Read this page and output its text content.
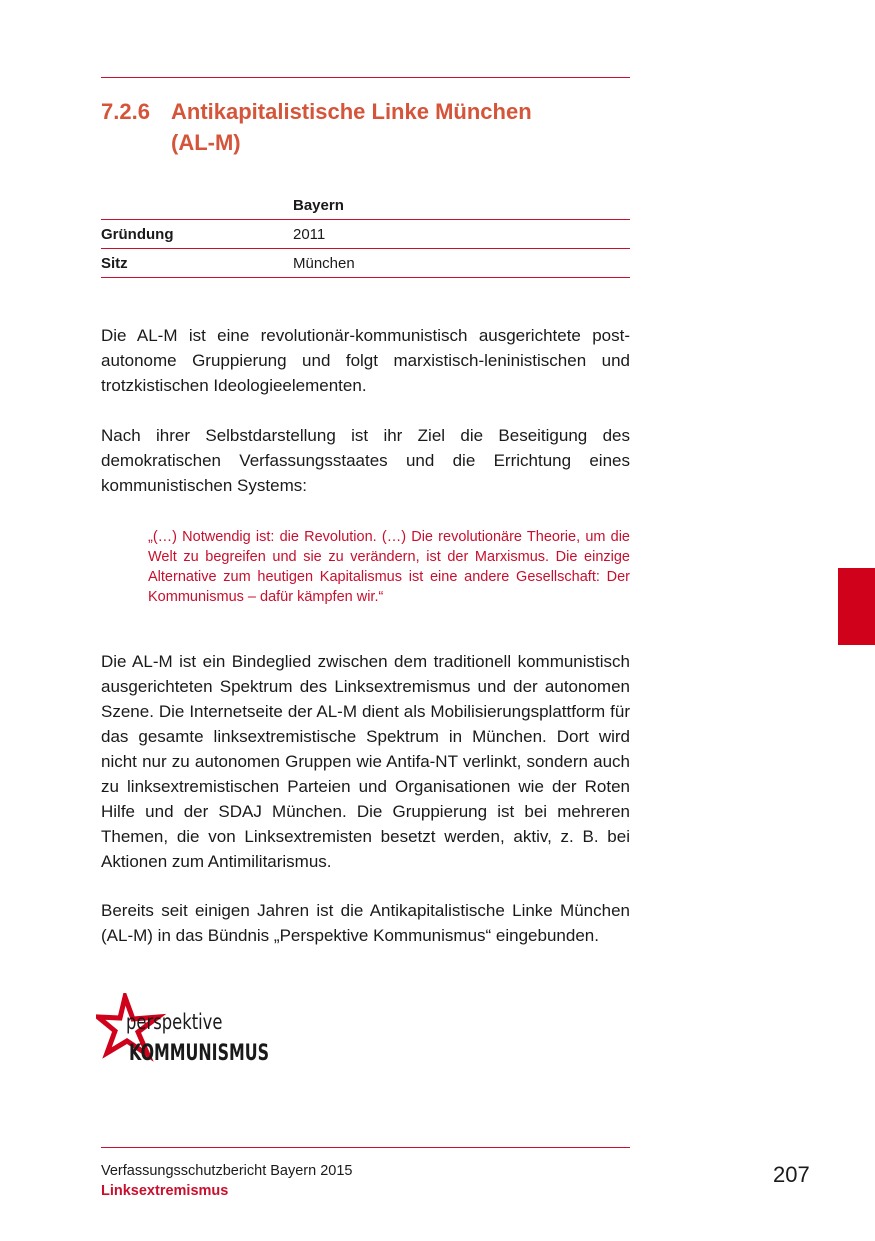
7.2.6 Antikapitalistische Linke München
(AL-M)
Bayern
Gründung	2011
Sitz	München

Die AL-M ist eine revolutionär-kommunistisch ausgerichtete post-autonome Gruppierung und folgt marxistisch-leninistischen und trotzkistischen Ideologieelementen.

Nach ihrer Selbstdarstellung ist ihr Ziel die Beseitigung des demokratischen Verfassungsstaates und die Errichtung eines kommunistischen Systems:

„(…) Notwendig ist: die Revolution. (…) Die revolutionäre Theorie, um die Welt zu begreifen und sie zu verändern, ist der Marxismus. Die einzige Alternative zum heutigen Kapitalismus ist eine andere Gesellschaft: Der Kommunismus – dafür kämpfen wir.“

Die AL-M ist ein Bindeglied zwischen dem traditionell kommunistisch ausgerichteten Spektrum des Linksextremismus und der autonomen Szene. Die Internetseite der AL-M dient als Mobilisierungsplattform für das gesamte linksextremistische Spektrum in München. Dort wird nicht nur zu autonomen Gruppen wie Antifa-NT verlinkt, sondern auch zu linksextremistischen Parteien und Organisationen wie der Roten Hilfe und der SDAJ München. Die Gruppierung ist bei mehreren Themen, die von Linksextremisten besetzt werden, aktiv, z. B. bei Aktionen zum Antimilitarismus.

Bereits seit einigen Jahren ist die Antikapitalistische Linke München (AL-M) in das Bündnis „Perspektive Kommunismus“ eingebunden.

perspektive
KOMMUNISMUS
Verfassungsschutzbericht Bayern 2015
Linksextremismus
207
